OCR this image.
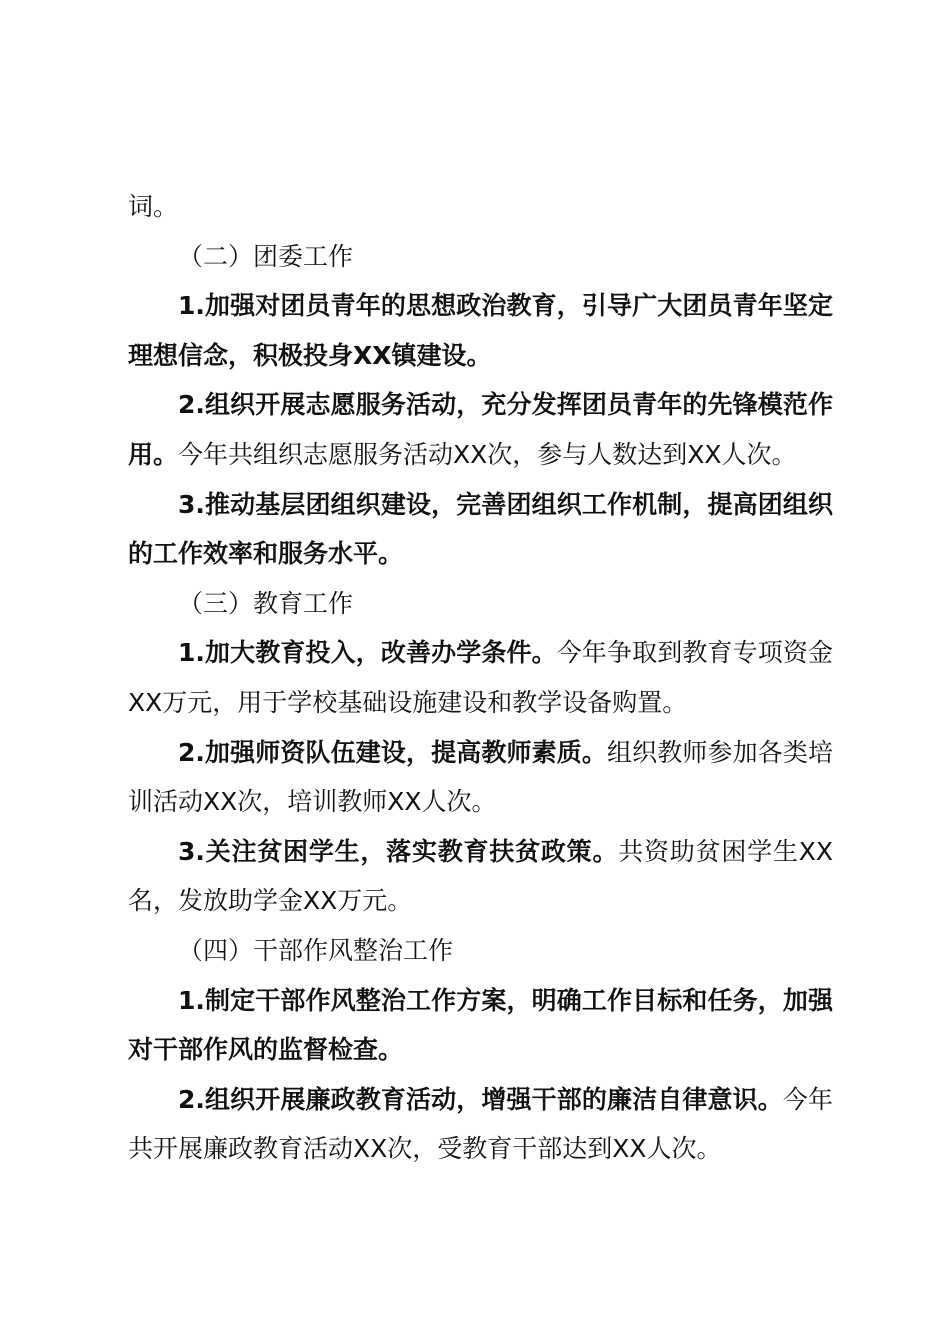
词。

（二）团委工作

1.加强对团员青年的思想政治教育，引导广大团员青年坚定理想信念，积极投身XX镇建设。

2.组织开展志愿服务活动，充分发挥团员青年的先锋模范作用。今年共组织志愿服务活动XX次，参与人数达到XX人次。

3.推动基层团组织建设，完善团组织工作机制，提高团组织的工作效率和服务水平。

（三）教育工作

1.加大教育投入，改善办学条件。今年争取到教育专项资金XX万元，用于学校基础设施建设和教学设备购置。

2.加强师资队伍建设，提高教师素质。组织教师参加各类培训活动XX次，培训教师XX人次。

3.关注贫困学生，落实教育扶贫政策。共资助贫困学生XX名，发放助学金XX万元。

（四）干部作风整治工作

1.制定干部作风整治工作方案，明确工作目标和任务，加强对干部作风的监督检查。

2.组织开展廉政教育活动，增强干部的廉洁自律意识。今年共开展廉政教育活动XX次，受教育干部达到XX人次。
